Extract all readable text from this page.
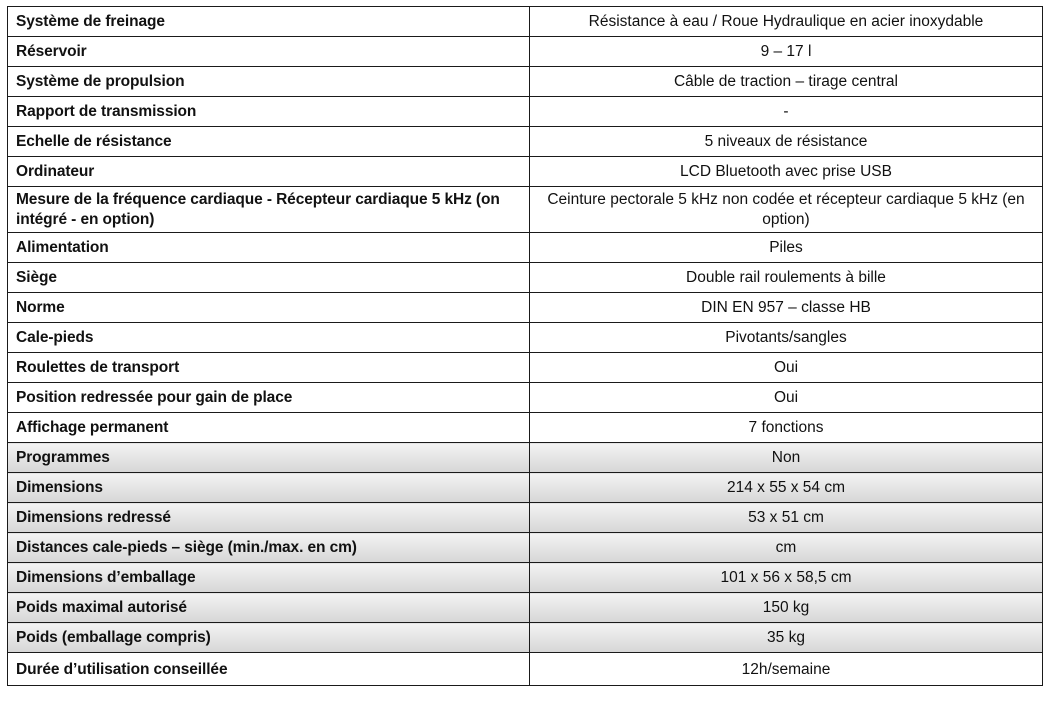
Système de freinage	Résistance à eau / Roue Hydraulique en acier inoxydable
Réservoir	9 – 17 l
Système de propulsion	Câble de traction – tirage central
Rapport de transmission	-
Echelle de résistance	5 niveaux de résistance
Ordinateur	LCD Bluetooth avec prise USB
Mesure de la fréquence cardiaque - Récepteur cardiaque 5 kHz (on intégré - en option)	Ceinture pectorale 5 kHz non codée et récepteur cardiaque 5 kHz (en option)
Alimentation	Piles
Siège	Double rail roulements à bille
Norme	DIN EN 957 – classe HB
Cale-pieds	Pivotants/sangles
Roulettes de transport	Oui
Position redressée pour gain de place	Oui
Affichage permanent	7 fonctions
Programmes	Non
Dimensions	214 x 55 x 54 cm
Dimensions redressé	53 x 51 cm
Distances cale-pieds – siège (min./max. en cm)	cm
Dimensions d’emballage	101 x 56 x 58,5 cm
Poids maximal autorisé	150 kg
Poids (emballage compris)	35 kg
Durée d’utilisation conseillée	12h/semaine
